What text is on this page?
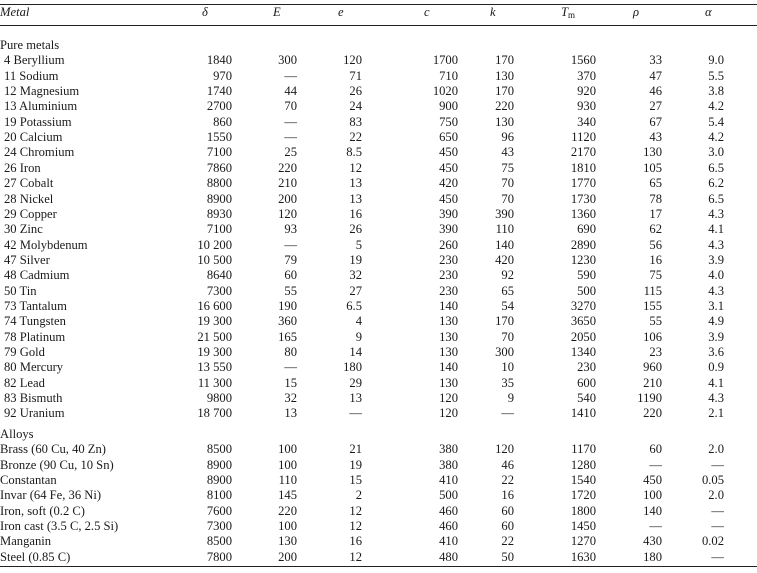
Metal	δ	E	e	c	k	$T_m$	ρ	α
Pure metals
4 Beryllium	1840	300	120	1700	170	1560	33	9.0
11 Sodium	970	—	71	710	130	370	47	5.5
12 Magnesium	1740	44	26	1020	170	920	46	3.8
13 Aluminium	2700	70	24	900	220	930	27	4.2
19 Potassium	860	—	83	750	130	340	67	5.4
20 Calcium	1550	—	22	650	96	1120	43	4.2
24 Chromium	7100	25	8.5	450	43	2170	130	3.0
26 Iron	7860	220	12	450	75	1810	105	6.5
27 Cobalt	8800	210	13	420	70	1770	65	6.2
28 Nickel	8900	200	13	450	70	1730	78	6.5
29 Copper	8930	120	16	390	390	1360	17	4.3
30 Zinc	7100	93	26	390	110	690	62	4.1
42 Molybdenum	10 200	—	5	260	140	2890	56	4.3
47 Silver	10 500	79	19	230	420	1230	16	3.9
48 Cadmium	8640	60	32	230	92	590	75	4.0
50 Tin	7300	55	27	230	65	500	115	4.3
73 Tantalum	16 600	190	6.5	140	54	3270	155	3.1
74 Tungsten	19 300	360	4	130	170	3650	55	4.9
78 Platinum	21 500	165	9	130	70	2050	106	3.9
79 Gold	19 300	80	14	130	300	1340	23	3.6
80 Mercury	13 550	—	180	140	10	230	960	0.9
82 Lead	11 300	15	29	130	35	600	210	4.1
83 Bismuth	9800	32	13	120	9	540	1190	4.3
92 Uranium	18 700	13	—	120	—	1410	220	2.1
Alloys
Brass (60 Cu, 40 Zn)	8500	100	21	380	120	1170	60	2.0
Bronze (90 Cu, 10 Sn)	8900	100	19	380	46	1280	—	—
Constantan	8900	110	15	410	22	1540	450	0.05
Invar (64 Fe, 36 Ni)	8100	145	2	500	16	1720	100	2.0
Iron, soft (0.2 C)	7600	220	12	460	60	1800	140	—
Iron cast (3.5 C, 2.5 Si)	7300	100	12	460	60	1450	—	—
Manganin	8500	130	16	410	22	1270	430	0.02
Steel (0.85 C)	7800	200	12	480	50	1630	180	—
